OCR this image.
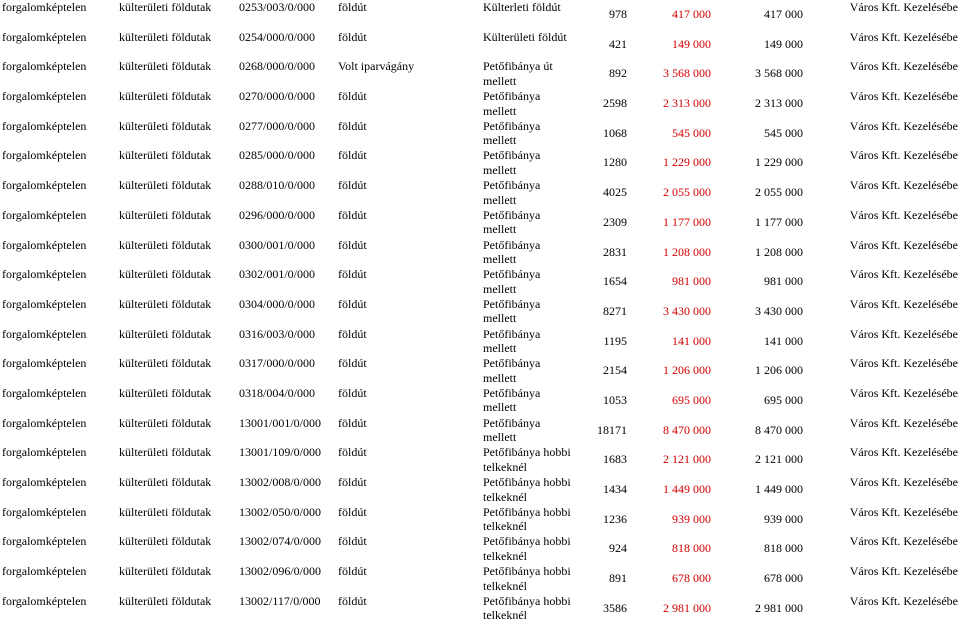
forgalomképtelen	külterületi földutak	0253/003/0/000	földút	Külterleti földút	978	417 000	417 000	Város Kft. Kezelésébe
forgalomképtelen	külterületi földutak	0254/000/0/000	földút	Külterületi földút	421	149 000	149 000	Város Kft. Kezelésébe
forgalomképtelen	külterületi földutak	0268/000/0/000	Volt iparvágány	Petőfibánya út mellett	892	3 568 000	3 568 000	Város Kft. Kezelésébe
forgalomképtelen	külterületi földutak	0270/000/0/000	földút	Petőfibánya mellett	2598	2 313 000	2 313 000	Város Kft. Kezelésébe
forgalomképtelen	külterületi földutak	0277/000/0/000	földút	Petőfibánya mellett	1068	545 000	545 000	Város Kft. Kezelésébe
forgalomképtelen	külterületi földutak	0285/000/0/000	földút	Petőfibánya mellett	1280	1 229 000	1 229 000	Város Kft. Kezelésébe
forgalomképtelen	külterületi földutak	0288/010/0/000	földút	Petőfibánya mellett	4025	2 055 000	2 055 000	Város Kft. Kezelésébe
forgalomképtelen	külterületi földutak	0296/000/0/000	földút	Petőfibánya mellett	2309	1 177 000	1 177 000	Város Kft. Kezelésébe
forgalomképtelen	külterületi földutak	0300/001/0/000	földút	Petőfibánya mellett	2831	1 208 000	1 208 000	Város Kft. Kezelésébe
forgalomképtelen	külterületi földutak	0302/001/0/000	földút	Petőfibánya mellett	1654	981 000	981 000	Város Kft. Kezelésébe
forgalomképtelen	külterületi földutak	0304/000/0/000	földút	Petőfibánya mellett	8271	3 430 000	3 430 000	Város Kft. Kezelésébe
forgalomképtelen	külterületi földutak	0316/003/0/000	földút	Petőfibánya mellett	1195	141 000	141 000	Város Kft. Kezelésébe
forgalomképtelen	külterületi földutak	0317/000/0/000	földút	Petőfibánya mellett	2154	1 206 000	1 206 000	Város Kft. Kezelésébe
forgalomképtelen	külterületi földutak	0318/004/0/000	földút	Petőfibánya mellett	1053	695 000	695 000	Város Kft. Kezelésébe
forgalomképtelen	külterületi földutak	13001/001/0/000	földút	Petőfibánya mellett	18171	8 470 000	8 470 000	Város Kft. Kezelésébe
forgalomképtelen	külterületi földutak	13001/109/0/000	földút	Petőfibánya hobbi telkeknél	1683	2 121 000	2 121 000	Város Kft. Kezelésébe
forgalomképtelen	külterületi földutak	13002/008/0/000	földút	Petőfibánya hobbi telkeknél	1434	1 449 000	1 449 000	Város Kft. Kezelésébe
forgalomképtelen	külterületi földutak	13002/050/0/000	földút	Petőfibánya hobbi telkeknél	1236	939 000	939 000	Város Kft. Kezelésébe
forgalomképtelen	külterületi földutak	13002/074/0/000	földút	Petőfibánya hobbi telkeknél	924	818 000	818 000	Város Kft. Kezelésébe
forgalomképtelen	külterületi földutak	13002/096/0/000	földút	Petőfibánya hobbi telkeknél	891	678 000	678 000	Város Kft. Kezelésébe
forgalomképtelen	külterületi földutak	13002/117/0/000	földút	Petőfibánya hobbi telkeknél	3586	2 981 000	2 981 000	Város Kft. Kezelésébe
